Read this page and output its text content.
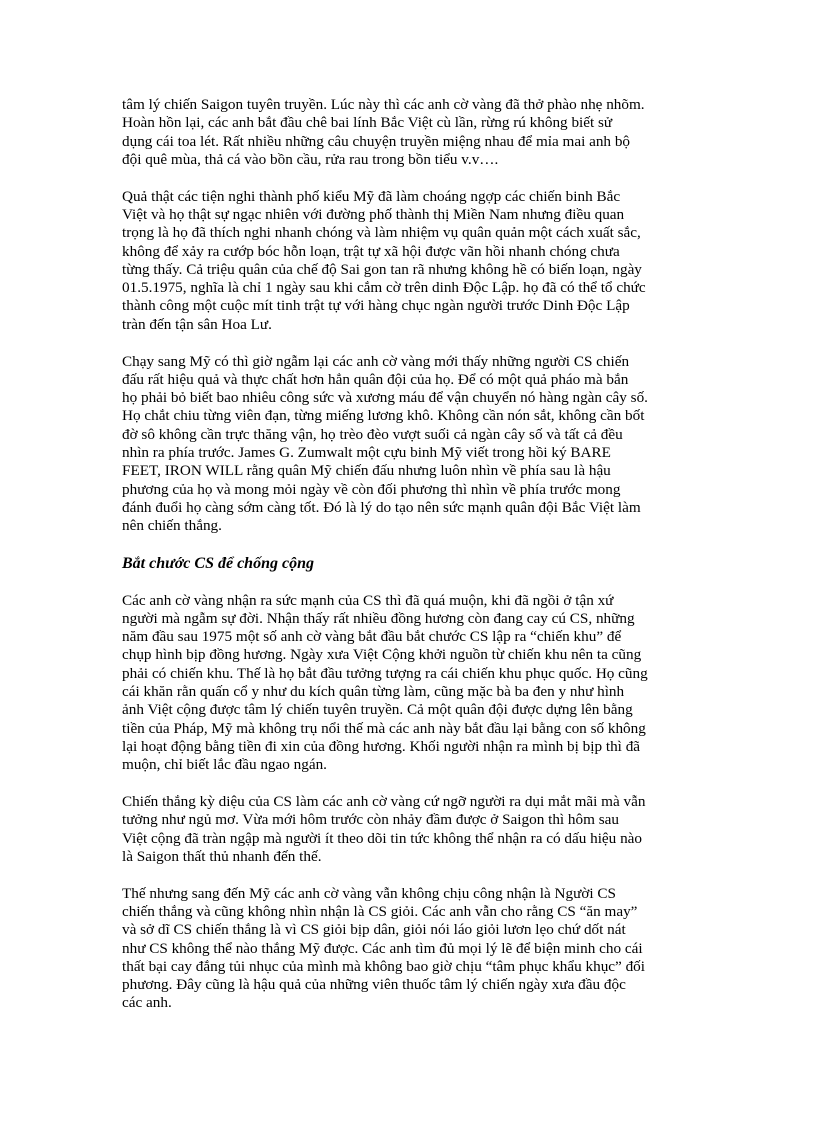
tâm lý chiến Saigon tuyên truyền. Lúc này thì các anh cờ vàng đã thở phào nhẹ nhõm.
Hoàn hồn lại, các anh bắt đầu chê bai lính Bắc Việt cù lần, rừng rú không biết sử
dụng cái toa lét. Rất nhiều những câu chuyện truyền miệng nhau để mỉa mai anh bộ
đội quê mùa, thả cá vào bồn cầu, rửa rau trong bồn tiểu v.v….
Quả thật các tiện nghi thành phố kiểu Mỹ đã làm choáng ngợp các chiến binh Bắc
Việt và họ thật sự ngạc nhiên với đường phố thành thị Miền Nam nhưng điều quan
trọng là họ đã thích nghi nhanh chóng và làm nhiệm vụ quân quản một cách xuất sắc,
không để xảy ra cướp bóc hỗn loạn, trật tự xã hội được vãn hồi nhanh chóng chưa
từng thấy. Cả triệu quân của chế độ Sai gon tan rã nhưng không hề có biến loạn, ngày
01.5.1975, nghĩa là chỉ 1 ngày sau khi cắm cờ trên dinh Độc Lập. họ đã có thể tổ chức
thành công một cuộc mít tinh trật tự với hàng chục ngàn người trước Dinh Độc Lập
tràn đến tận sân Hoa Lư.
Chạy sang Mỹ có thì giờ ngẫm lại các anh cờ vàng mới thấy những người CS chiến
đấu rất hiệu quả và thực chất hơn hẳn quân đội của họ. Để có một quả pháo mà bắn
họ phải bỏ biết bao nhiêu công sức và xương máu để vận chuyển nó hàng ngàn cây số.
Họ chắt chiu từng viên đạn, từng miếng lương khô. Không cần nón sắt, không cần bốt
đờ sô không cần trực thăng vận, họ trèo đèo vượt suối cả ngàn cây số và tất cả đều
nhìn ra phía trước. James G. Zumwalt một cựu binh Mỹ viết trong hồi ký BARE
FEET, IRON WILL rằng quân Mỹ chiến đấu nhưng luôn nhìn về phía sau là hậu
phương của họ và mong mỏi ngày về còn đối phương thì nhìn về phía trước mong
đánh đuổi họ càng sớm càng tốt. Đó là lý do tạo nên sức mạnh quân đội Bắc Việt làm
nên chiến thắng.
Bắt chước CS để chống cộng
Các anh cờ vàng nhận ra sức mạnh của CS thì đã quá muộn, khi đã ngồi ở tận xứ
người mà ngẫm sự đời. Nhận thấy rất nhiều đồng hương còn đang cay cú CS, những
năm đầu sau 1975 một số anh cờ vàng bắt đầu bắt chước CS lập ra “chiến khu” để
chụp hình bịp đồng hương. Ngày xưa Việt Cộng khởi nguồn từ chiến khu nên ta cũng
phải có chiến khu. Thế là họ bắt đầu tưởng tượng ra cái chiến khu phục quốc. Họ cũng
cái khăn rằn quấn cổ y như du kích quân từng làm, cũng mặc bà ba đen y như hình
ảnh Việt cộng được tâm lý chiến tuyên truyền. Cả một quân đội được dựng lên bằng
tiền của Pháp, Mỹ mà không trụ nổi thế mà các anh này bắt đầu lại bằng con số không
lại hoạt động bằng tiền đi xin của đồng hương. Khối người nhận ra mình bị bịp thì đã
muộn, chỉ biết lắc đầu ngao ngán.
Chiến thắng kỳ diệu của CS làm các anh cờ vàng cứ ngỡ người ra dụi mắt mãi mà vẫn
tưởng như ngủ mơ. Vừa mới hôm trước còn nhảy đầm được ở Saigon thì hôm sau
Việt cộng đã tràn ngập mà người ít theo dõi tin tức không thể nhận ra có dấu hiệu nào
là Saigon thất thủ nhanh đến thế.
Thế nhưng sang đến Mỹ các anh cờ vàng vẫn không chịu công nhận là Người CS
chiến thắng và cũng không nhìn nhận là CS giỏi. Các anh vẫn cho rằng CS “ăn may”
và sở dĩ CS chiến thắng là vì CS giỏi bịp dân, giỏi nói láo giỏi lươn lẹo chứ dốt nát
như CS không thể nào thắng Mỹ được. Các anh tìm đủ mọi lý lẽ để biện minh cho cái
thất bại cay đắng tủi nhục của mình mà không bao giờ chịu “tâm phục khẩu khục” đối
phương. Đây cũng là hậu quả của những viên thuốc tâm lý chiến ngày xưa đầu độc
các anh.
